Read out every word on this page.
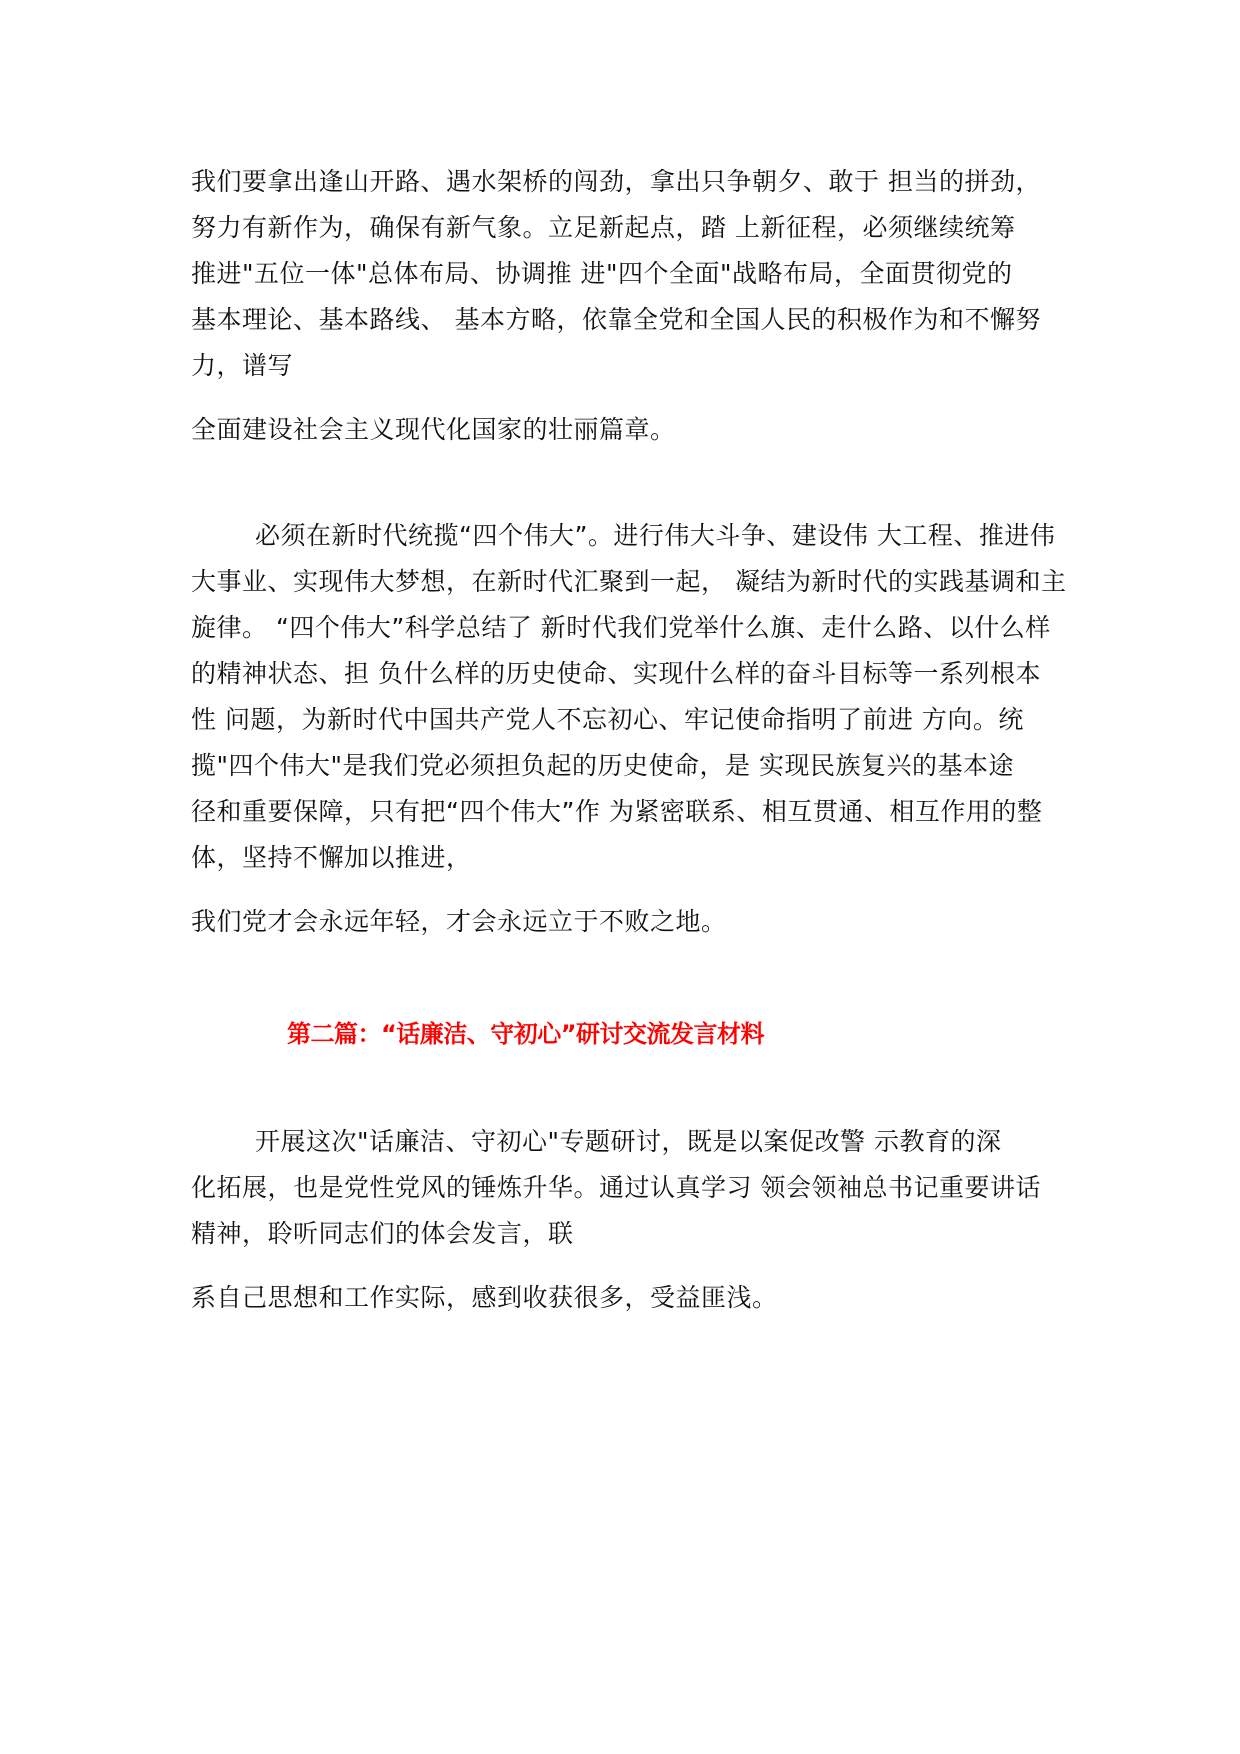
我们要拿出逢山开路、遇水架桥的闯劲，拿出只争朝夕、敢于 担当的拼劲，
努力有新作为，确保有新气象。立足新起点，踏 上新征程，必须继续统筹
推进"五位一体"总体布局、协调推 进"四个全面"战略布局，全面贯彻党的
基本理论、基本路线、 基本方略，依靠全党和全国人民的积极作为和不懈努
力，谱写
全面建设社会主义现代化国家的壮丽篇章。
必须在新时代统揽“四个伟大”。进行伟大斗争、建设伟 大工程、推进伟
大事业、实现伟大梦想，在新时代汇聚到一起， 凝结为新时代的实践基调和主
旋律。 “四个伟大”科学总结了 新时代我们党举什么旗、走什么路、以什么样
的精神状态、担 负什么样的历史使命、实现什么样的奋斗目标等一系列根本
性 问题，为新时代中国共产党人不忘初心、牢记使命指明了前进 方向。统
揽"四个伟大"是我们党必须担负起的历史使命，是 实现民族复兴的基本途
径和重要保障，只有把“四个伟大”作 为紧密联系、相互贯通、相互作用的整
体，坚持不懈加以推进，
我们党才会永远年轻，才会永远立于不败之地。
第二篇：“话廉洁、守初心”研讨交流发言材料
开展这次"话廉洁、守初心"专题研讨，既是以案促改警 示教育的深
化拓展，也是党性党风的锤炼升华。通过认真学习 领会领袖总书记重要讲话
精神，聆听同志们的体会发言，联
系自己思想和工作实际，感到收获很多，受益匪浅。
